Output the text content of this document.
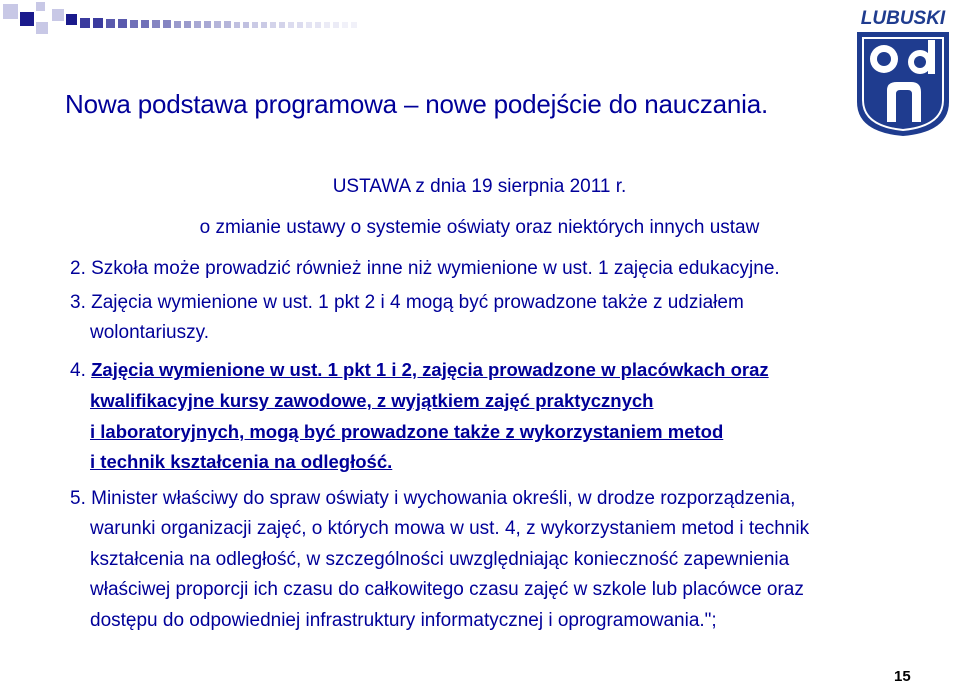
LUBUSKI
Nowa podstawa programowa – nowe podejście do nauczania.

USTAWA z dnia 19 sierpnia 2011 r.

o zmianie ustawy o systemie oświaty oraz niektórych innych ustaw

2. Szkoła może prowadzić również inne niż wymienione w ust. 1 zajęcia edukacyjne.

3. Zajęcia wymienione w ust. 1 pkt 2 i 4 mogą być prowadzone także z udziałem

wolontariuszy.

4. Zajęcia wymienione w ust. 1 pkt 1 i 2, zajęcia prowadzone w placówkach oraz

kwalifikacyjne kursy zawodowe, z wyjątkiem zajęć praktycznych

i laboratoryjnych, mogą być prowadzone także z wykorzystaniem metod

i technik kształcenia na odległość.

5. Minister właściwy do spraw oświaty i wychowania określi, w drodze rozporządzenia,

warunki organizacji zajęć, o których mowa w ust. 4, z wykorzystaniem metod i technik

kształcenia na odległość, w szczególności uwzględniając konieczność zapewnienia

właściwej proporcji ich czasu do całkowitego czasu zajęć w szkole lub placówce oraz

dostępu do odpowiedniej infrastruktury informatycznej i oprogramowania.";

15
